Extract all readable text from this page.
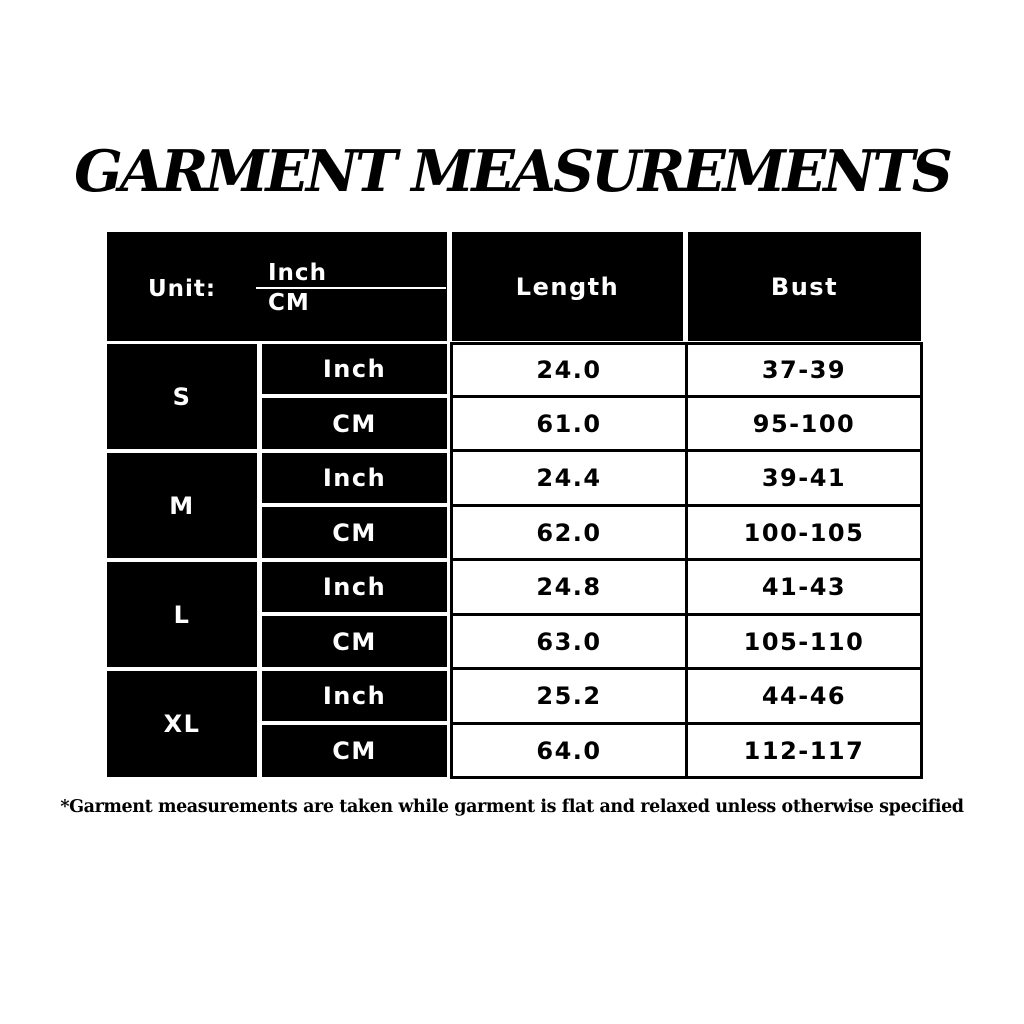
GARMENT MEASUREMENTS
Unit:
Inch
CM
Length	Bust
S
Inch	24.0	37-39
CM	61.0	95-100
M
Inch	24.4	39-41
CM	62.0	100-105
L
Inch	24.8	41-43
CM	63.0	105-110
XL
Inch	25.2	44-46
CM	64.0	112-117
*Garment measurements are taken while garment is flat and relaxed unless otherwise specified
